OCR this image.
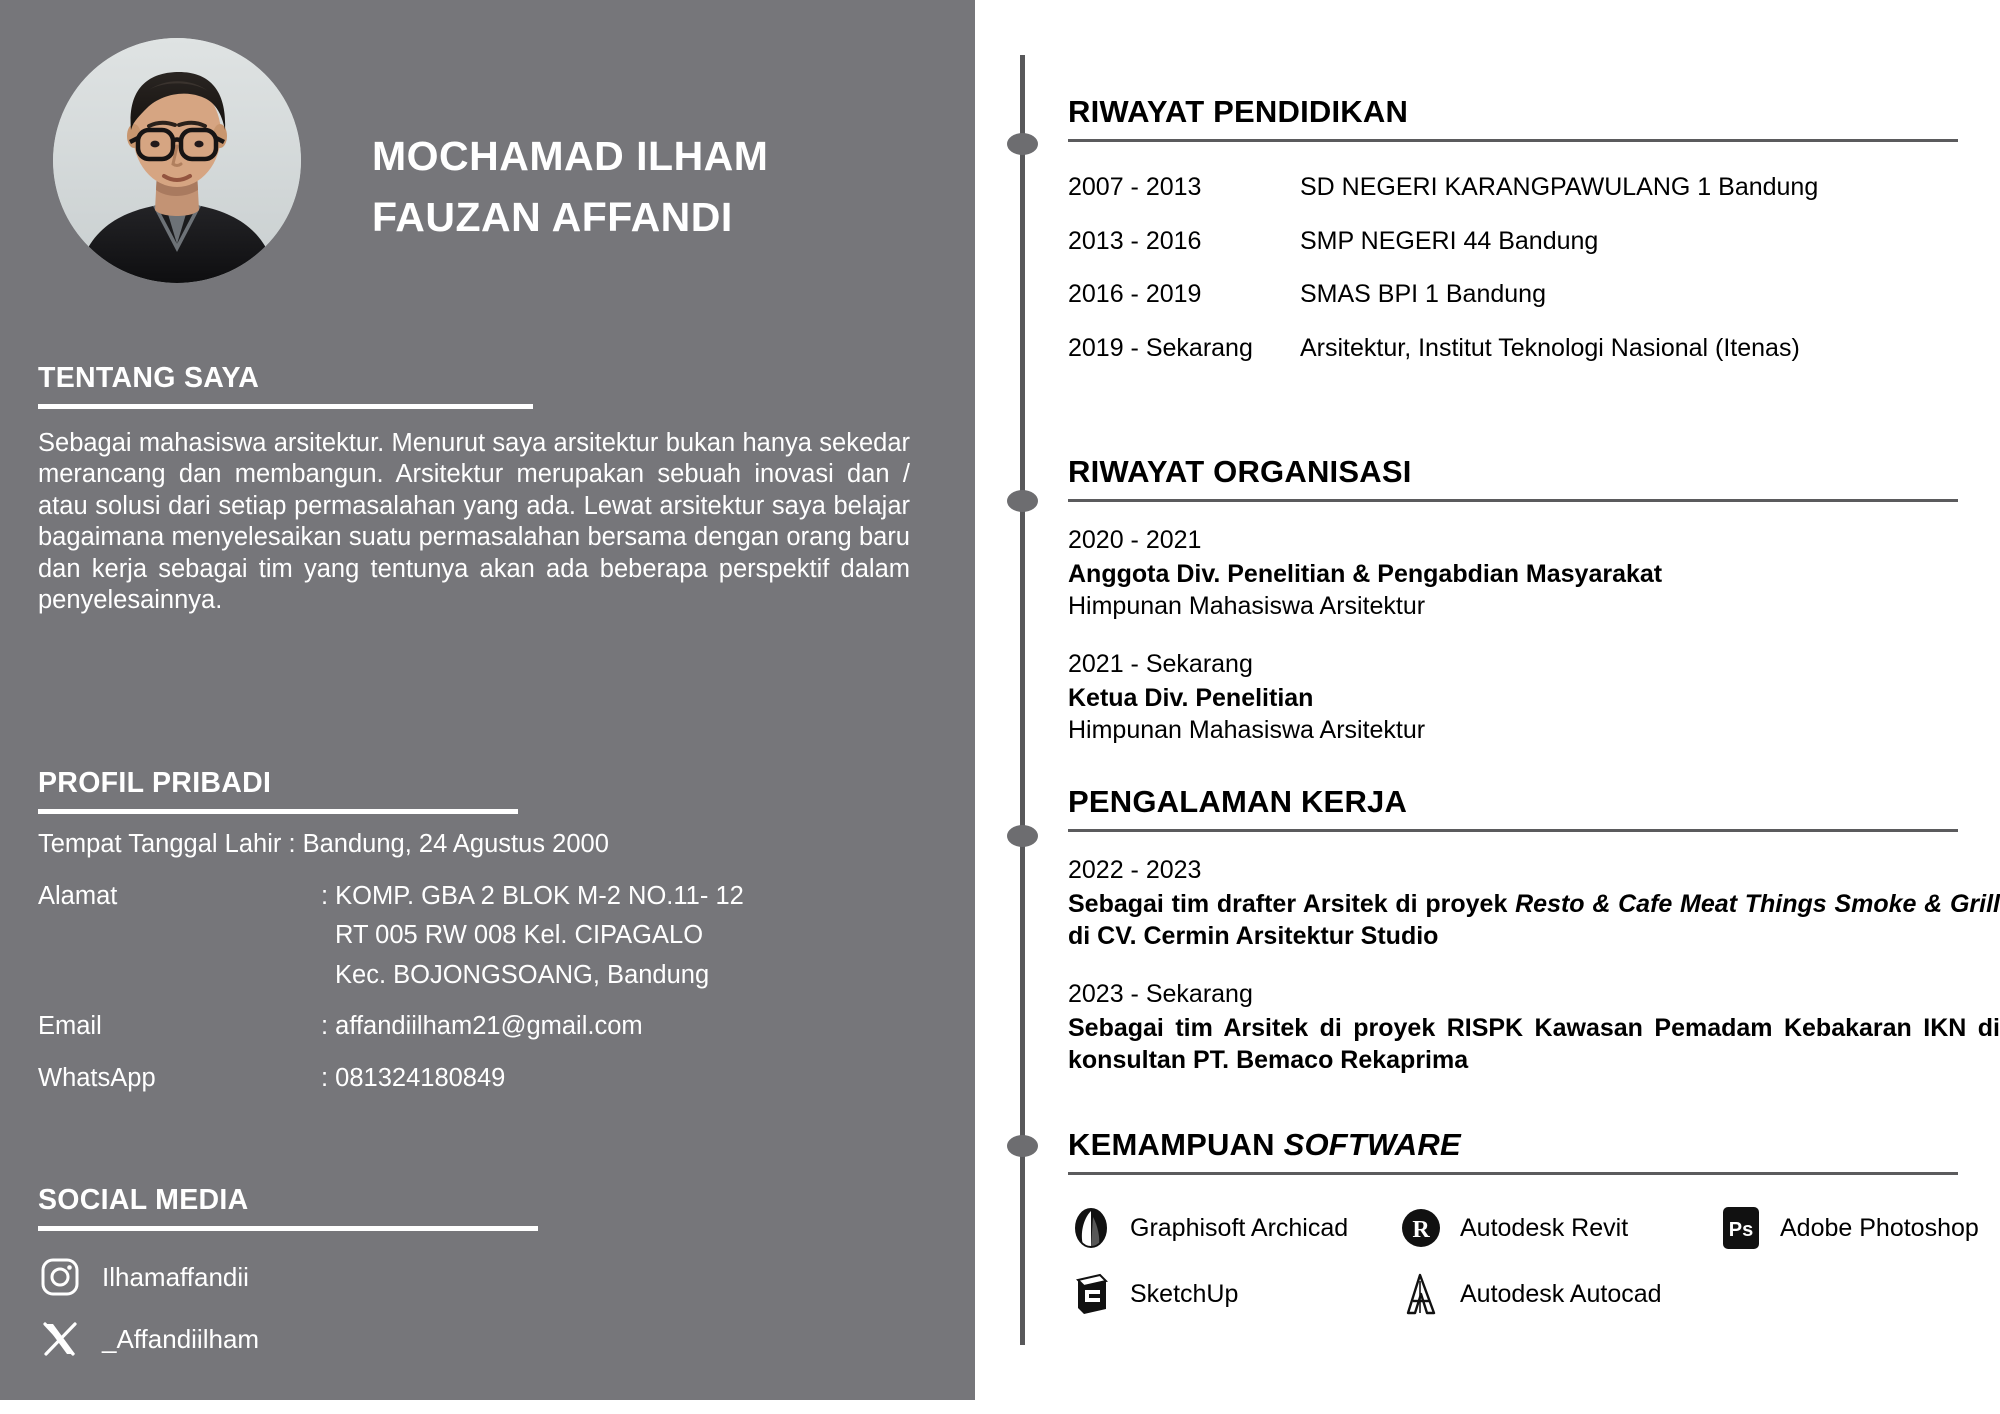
MOCHAMAD ILHAM
FAUZAN AFFANDI
TENTANG SAYA
Sebagai mahasiswa arsitektur. Menurut saya arsitektur bukan hanya sekedar merancang dan membangun. Arsitektur merupakan sebuah inovasi dan / atau solusi dari setiap permasalahan yang ada. Lewat arsitektur saya belajar bagaimana menyelesaikan suatu permasalahan bersama dengan orang baru dan kerja sebagai tim yang tentunya akan ada beberapa perspektif dalam penyelesainnya.
PROFIL PRIBADI
Tempat Tanggal Lahir : Bandung, 24 Agustus 2000
Alamat	: KOMP. GBA 2 BLOK M-2 NO.11- 12
RT 005 RW 008 Kel. CIPAGALO
Kec. BOJONGSOANG, Bandung
Email	: affandiilham21@gmail.com
WhatsApp	: 081324180849
SOCIAL MEDIA
Ilhamaffandii
_Affandiilham
RIWAYAT PENDIDIKAN
2007 - 2013	SD NEGERI KARANGPAWULANG 1 Bandung
2013 - 2016	SMP NEGERI 44 Bandung
2016 - 2019	SMAS BPI 1 Bandung
2019 - Sekarang	Arsitektur, Institut Teknologi Nasional (Itenas)
RIWAYAT ORGANISASI
2020 - 2021
Anggota Div. Penelitian & Pengabdian Masyarakat
Himpunan Mahasiswa Arsitektur
2021 - Sekarang
Ketua Div. Penelitian
Himpunan Mahasiswa Arsitektur
PENGALAMAN KERJA
2022 - 2023
Sebagai tim drafter Arsitek di proyek Resto & Cafe Meat Things Smoke & Grill di CV. Cermin Arsitektur Studio
2023 - Sekarang
Sebagai tim Arsitek di proyek RISPK Kawasan Pemadam Kebakaran IKN di konsultan PT. Bemaco Rekaprima
KEMAMPUAN SOFTWARE
Graphisoft Archicad	R Autodesk Revit	Ps Adobe Photoshop
SketchUp	Autodesk Autocad
